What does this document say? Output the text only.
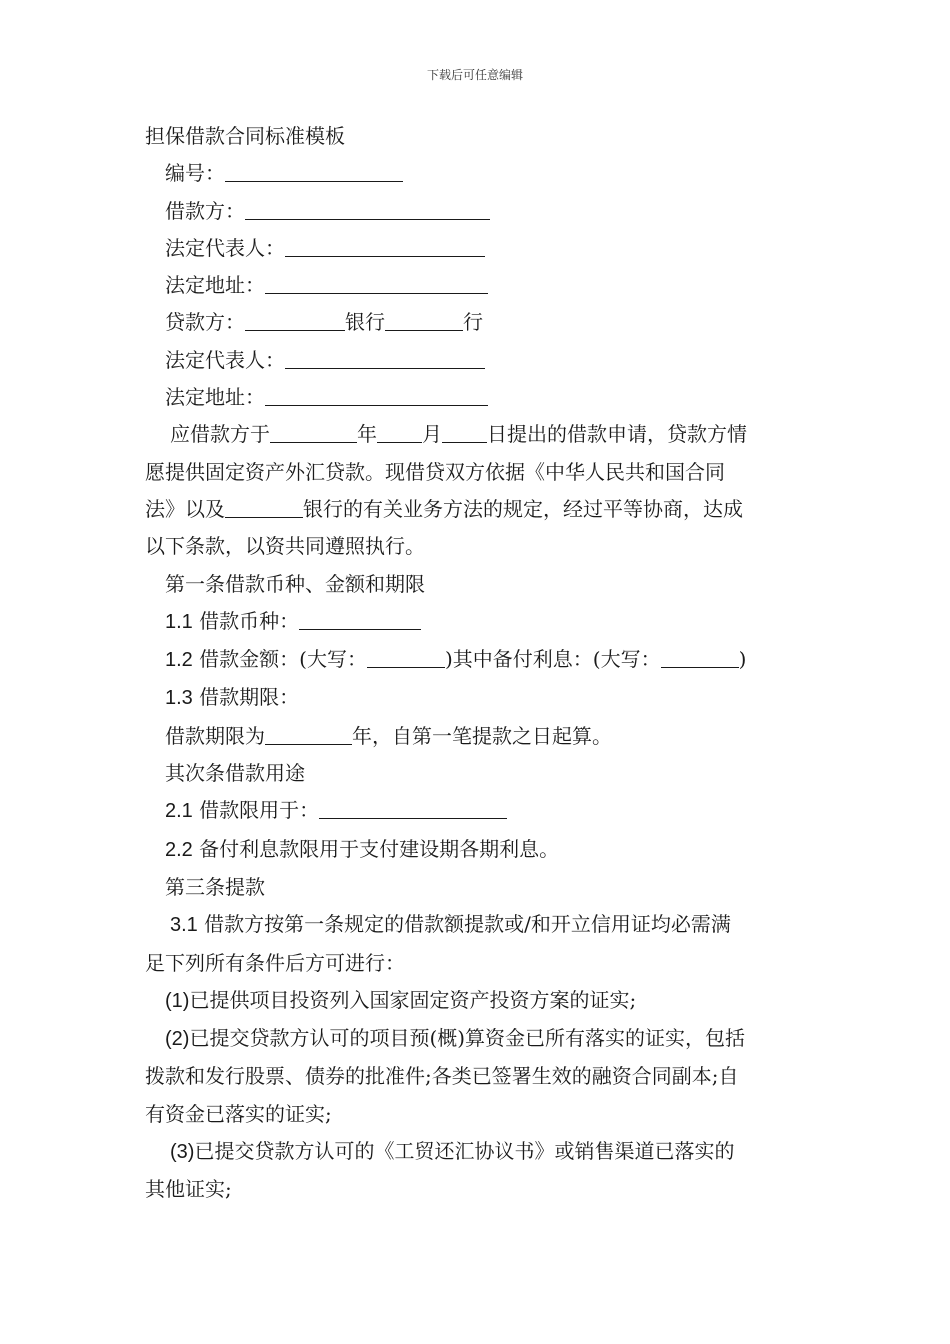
下载后可任意编辑
担保借款合同标准模板
编号：
借款方：
法定代表人：
法定地址：
贷款方：	银行	行
法定代表人：
法定地址：
应借款方于	年 月 日提出的借款申请，贷款方情
愿提供固定资产外汇贷款。现借贷双方依据《中华人民共和国合同
法》以及	银行的有关业务方法的规定，经过平等协商，达成
以下条款，以资共同遵照执行。
第一条借款币种、金额和期限
1.1 借款币种：
1.2 借款金额：(大写：	)其中备付利息：(大写：	)
1.3 借款期限：
借款期限为	年，自第一笔提款之日起算。
其次条借款用途
2.1 借款限用于：
2.2 备付利息款限用于支付建设期各期利息。
第三条提款
3.1 借款方按第一条规定的借款额提款或/和开立信用证均必需满
足下列所有条件后方可进行：
(1)已提供项目投资列入国家固定资产投资方案的证实;
(2)已提交贷款方认可的项目预(概)算资金已所有落实的证实，包括
拨款和发行股票、债券的批准件;各类已签署生效的融资合同副本;自
有资金已落实的证实;
(3)已提交贷款方认可的《工贸还汇协议书》或销售渠道已落实的
其他证实;
